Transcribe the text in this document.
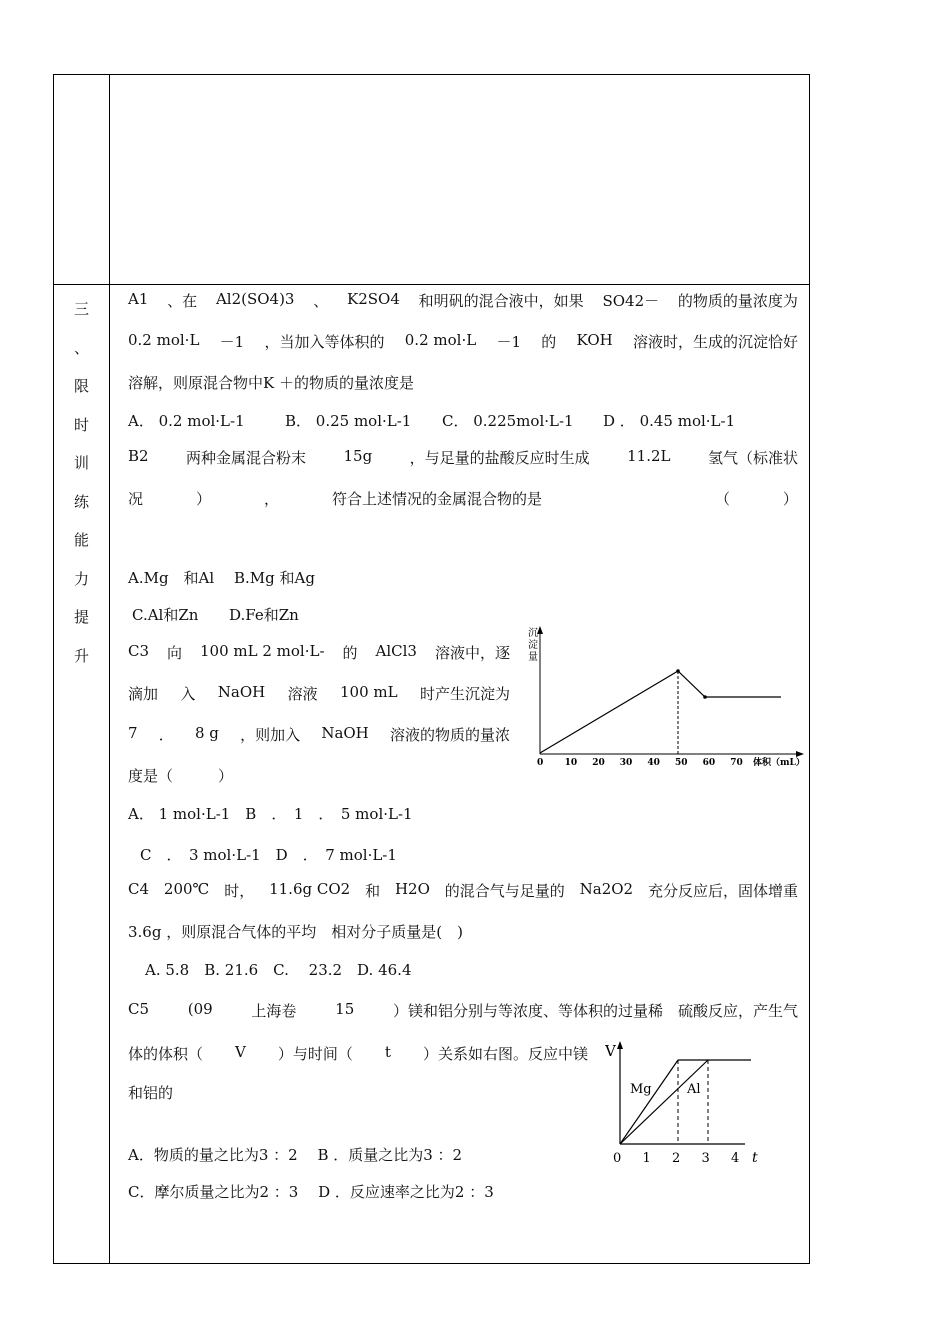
三
、
限
时
训
练
能
力
提
升
A1 、在 Al2(SO4)3 、 K2SO4 和明矾的混合液中，如果 SO42－ 的物质的量浓度为
0.2 mol·L －1 ，当加入等体积的 0.2 mol·L －1 的 KOH 溶液时，生成的沉淀恰好
溶解，则原混合物中K ＋的物质的量浓度是
A． 0.2 mol·L-1	B． 0.25 mol·L-1 C． 0.225mol·L-1 D ． 0.45 mol·L-1
B2 两种金属混合粉末 15g ，与足量的盐酸反应时生成 11.2L 氢气（标准状
况	）	，	符合上述情况的金属混合物的是	（	）
A.Mg　和Al B.Mg 和Ag
C.Al和Zn D.Fe和Zn
C3 向 100 mL 2 mol·L- 的 AlCl3 溶液中，逐
滴加 入 NaOH 溶液 100 mL 时产生沉淀为
7 ． 8 g ，则加入 NaOH 溶液的物质的量浓
度是（　　　）
A． 1 mol·L-1　B　．　1　．　5 mol·L-1
C　．　3 mol·L-1　D　．　7 mol·L-1
沉淀量
0 10 20 30 40 50 60 70 体积（mL）
C4 200℃ 时， 11.6g CO2 和 H2O 的混合气与足量的 Na2O2 充分反应后，固体增重
3.6g ，则原混合气体的平均　相对分子质量是(　)
A. 5.8　B. 21.6　C. 　23.2　D. 46.4
C5	(09	上海卷	15	）镁和铝分别与等浓度、等体积的过量稀　硫酸反应，产生气
体的体积（ V ）与时间（ t ）关系如右图。反应中镁
和铝的
A．物质的量之比为3 ：2　 B ．质量之比为3 ：2
C．摩尔质量之比为2 ：3　 D ．反应速率之比为2 ：3
V
t
Mg	Al
0 1 2 3 4
